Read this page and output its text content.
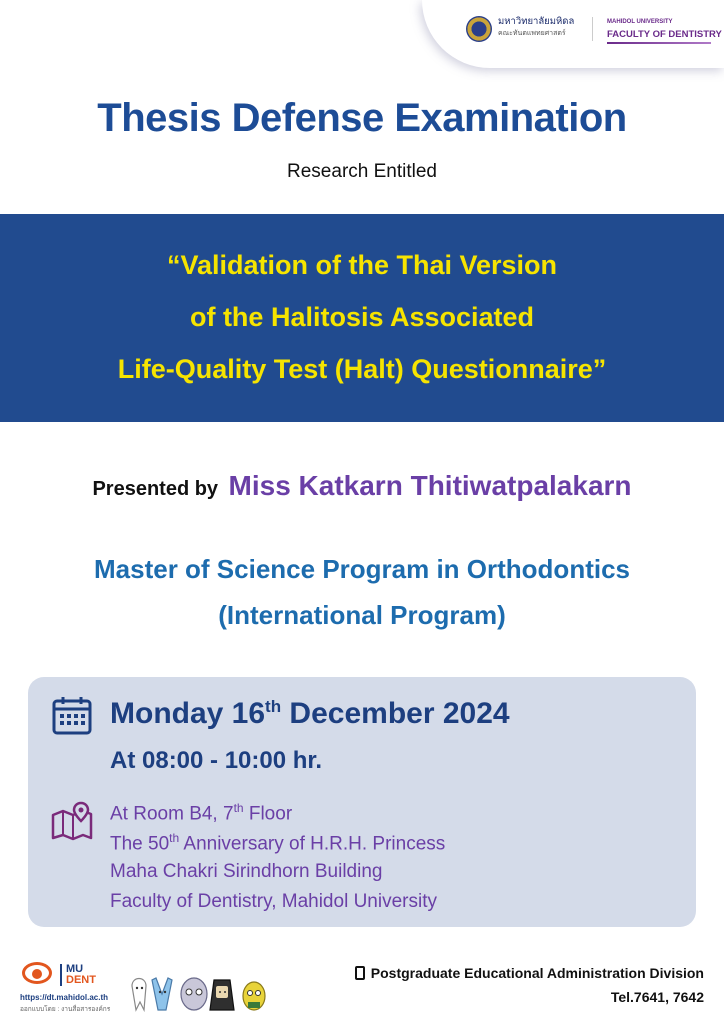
มหาวิทยาลัยมหิดล
คณะทันตแพทยศาสตร์
MAHIDOL UNIVERSITY
FACULTY OF DENTISTRY
Thesis Defense Examination

Research Entitled

“Validation of the Thai Version
of the Halitosis Associated
Life-Quality Test (Halt) Questionnaire”
Presented by Miss Katkarn Thitiwatpalakarn
Master of Science Program in Orthodontics
(International Program)
Monday 16th December 2024
At 08:00 - 10:00 hr.
At Room B4, 7th Floor
The 50th Anniversary of H.R.H. Princess
Maha Chakri Sirindhorn Building
Faculty of Dentistry, Mahidol University
MU
DENT
https://dt.mahidol.ac.th
ออกแบบโดย : งานสื่อสารองค์กร
Postgraduate Educational Administration Division
Tel.7641, 7642
